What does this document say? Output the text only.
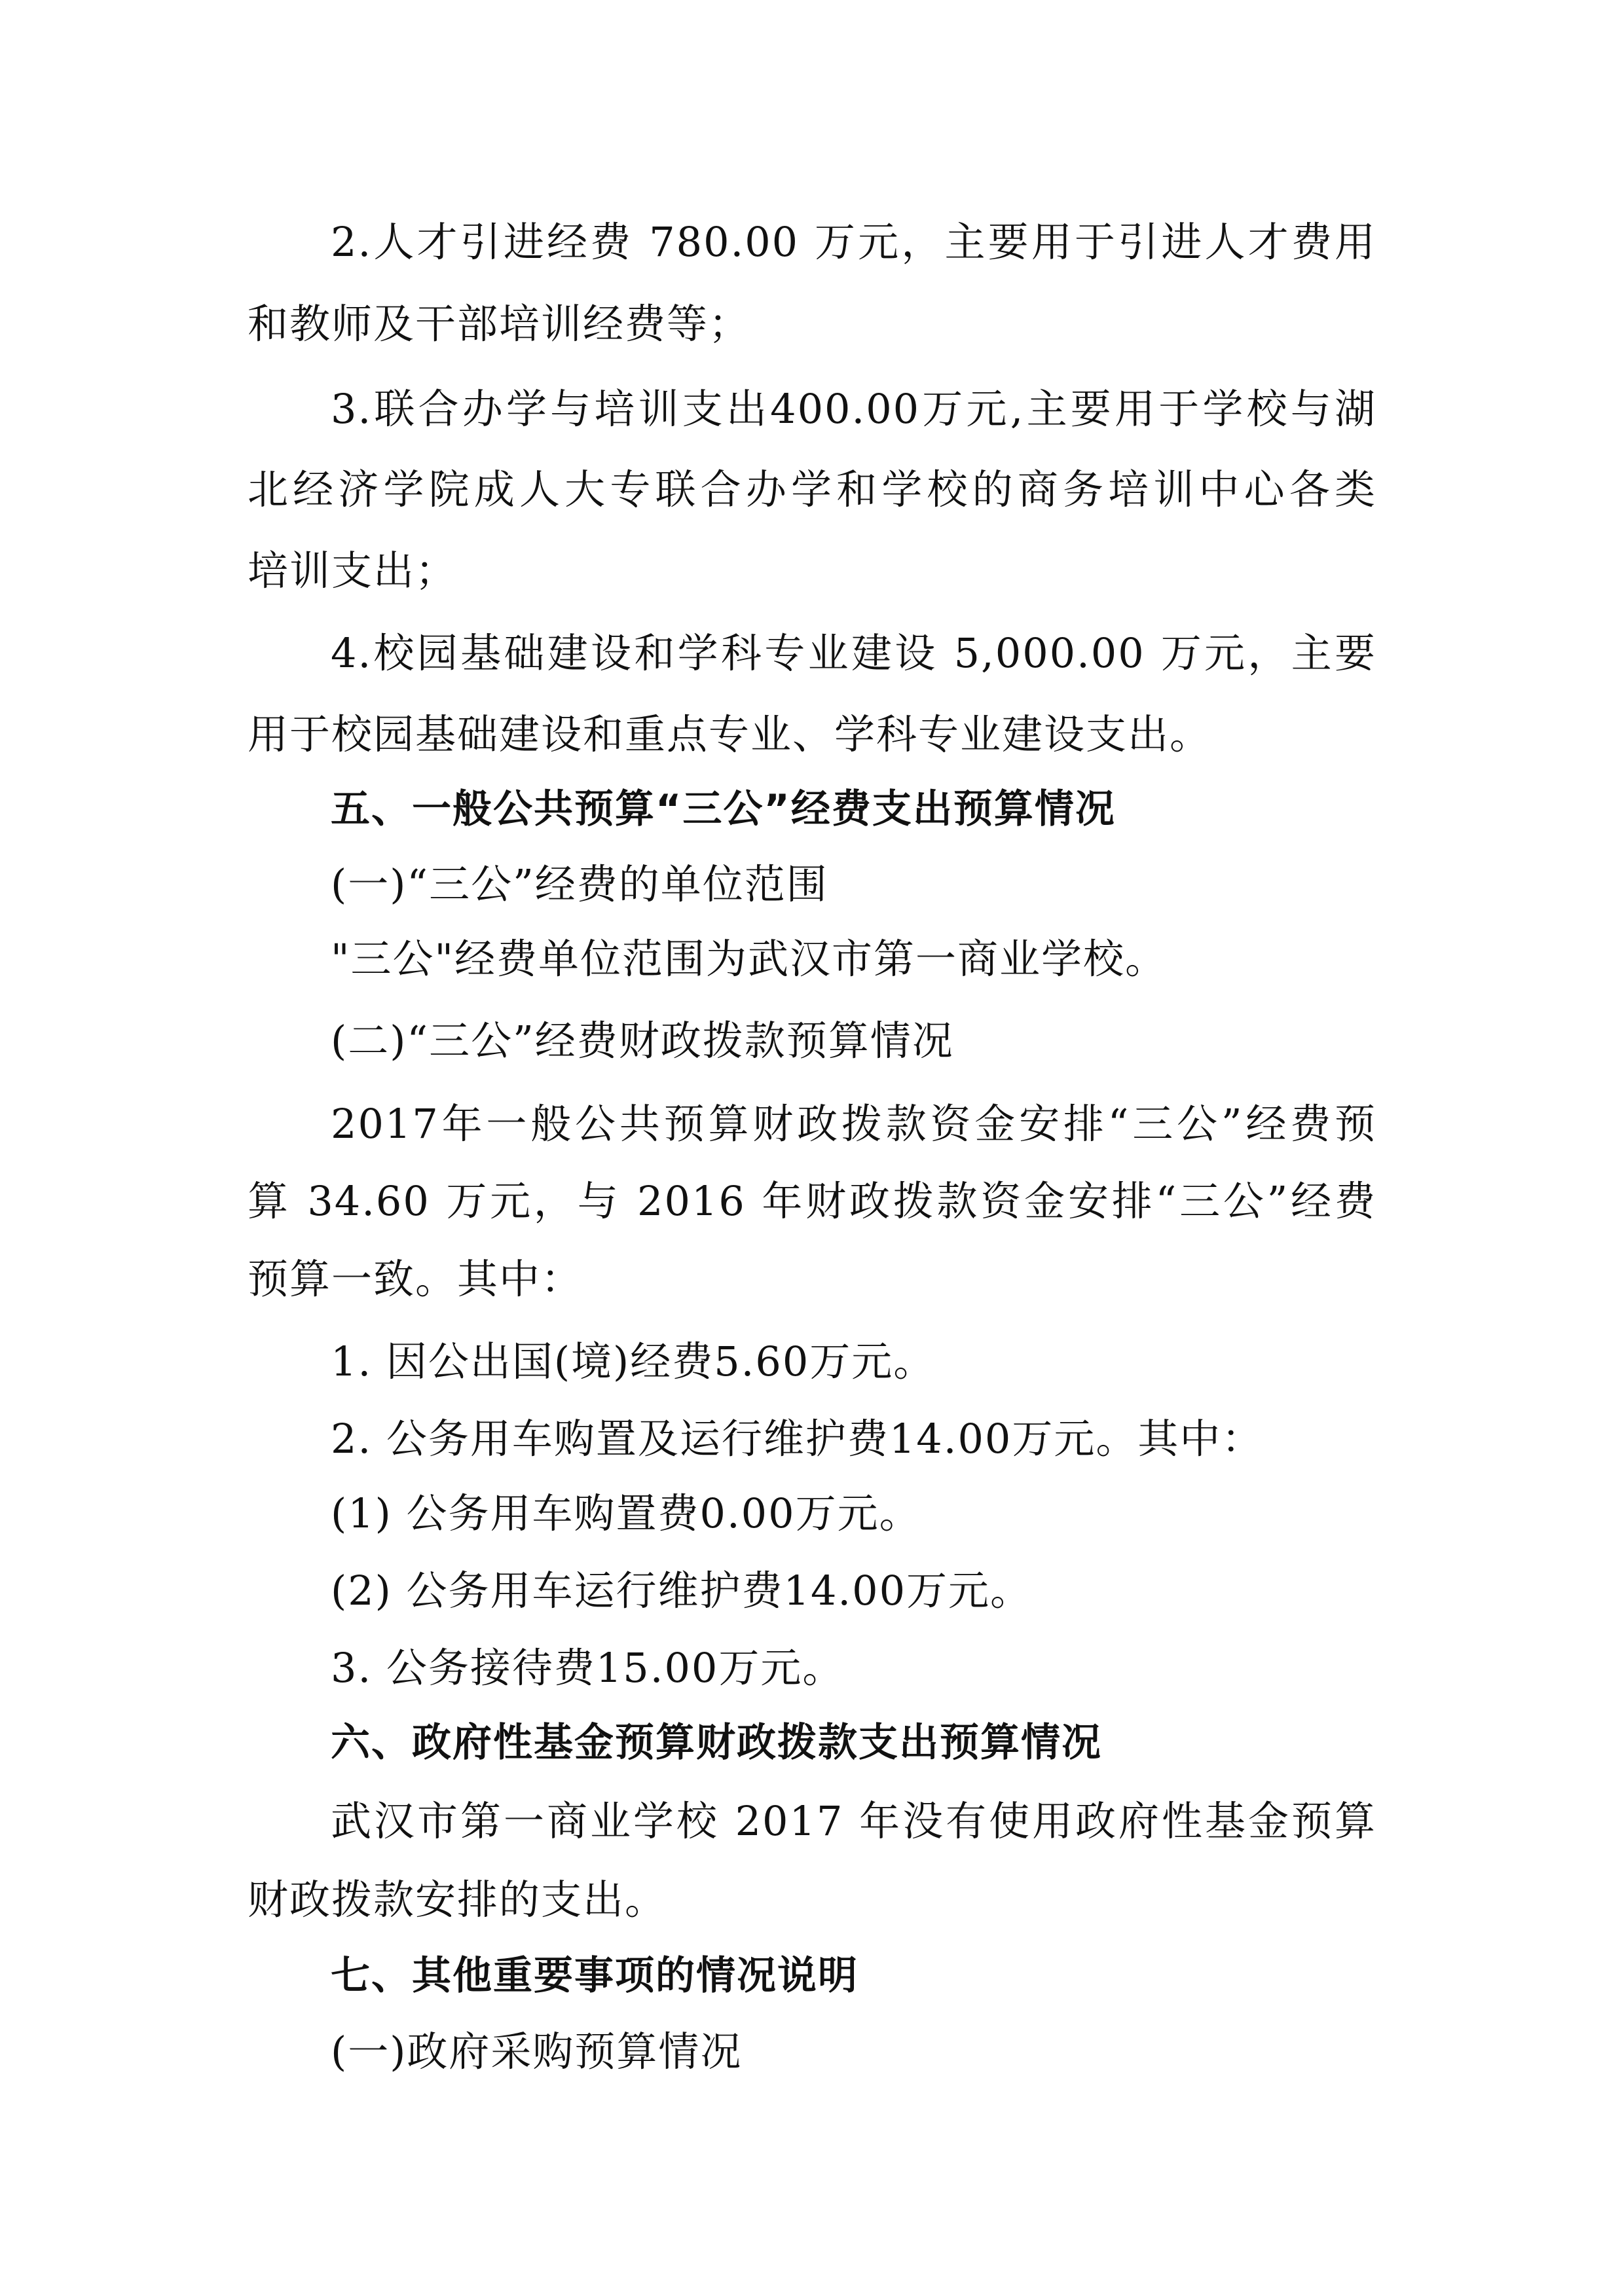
2.人才引进经费 780.00 万元，主要用于引进人才费用
和教师及干部培训经费等；
3.联合办学与培训支出400.00万元,主要用于学校与湖
北经济学院成人大专联合办学和学校的商务培训中心各类
培训支出；
4.校园基础建设和学科专业建设 5,000.00 万元，主要
用于校园基础建设和重点专业、学科专业建设支出。
五、一般公共预算“三公”经费支出预算情况
(一)“三公”经费的单位范围
"三公"经费单位范围为武汉市第一商业学校。
(二)“三公”经费财政拨款预算情况
2017年一般公共预算财政拨款资金安排“三公”经费预
算 34.60 万元，与 2016 年财政拨款资金安排“三公”经费
预算一致。其中：
1. 因公出国(境)经费5.60万元。
2. 公务用车购置及运行维护费14.00万元。其中：
(1) 公务用车购置费0.00万元。
(2) 公务用车运行维护费14.00万元。
3. 公务接待费15.00万元。
六、政府性基金预算财政拨款支出预算情况
武汉市第一商业学校 2017 年没有使用政府性基金预算
财政拨款安排的支出。
七、其他重要事项的情况说明
(一)政府采购预算情况
